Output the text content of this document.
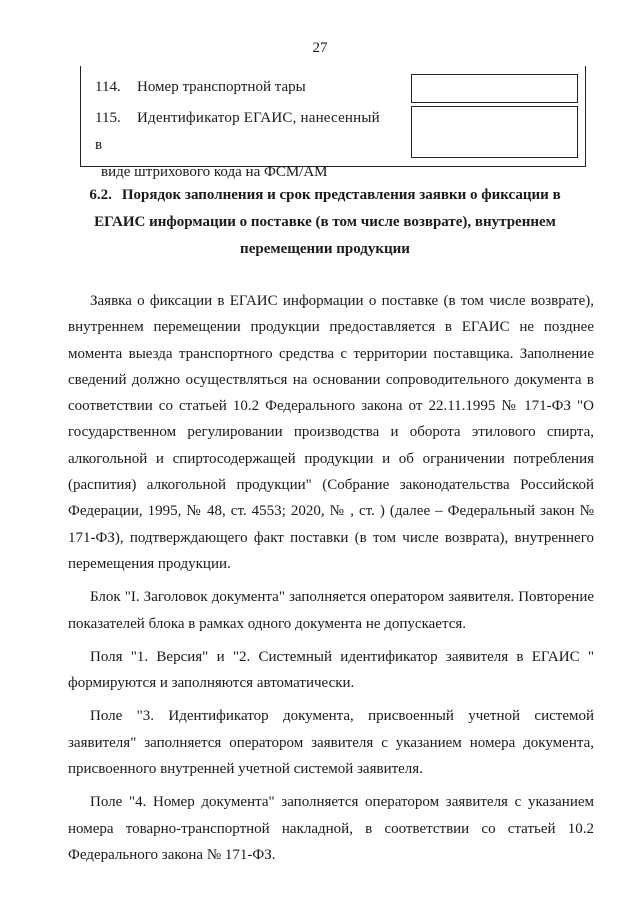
27
114. Номер транспортной тары
115. Идентификатор ЕГАИС, нанесенный в
виде штрихового кода на ФСМ/АМ
6.2. Порядок заполнения и срок представления заявки о фиксации в ЕГАИС информации о поставке (в том числе возврате), внутреннем перемещении продукции

Заявка о фиксации в ЕГАИС информации о поставке (в том числе возврате), внутреннем перемещении продукции предоставляется в ЕГАИС не позднее момента выезда транспортного средства с территории поставщика. Заполнение сведений должно осуществляться на основании сопроводительного документа в соответствии со статьей 10.2 Федерального закона от 22.11.1995 № 171-ФЗ "О государственном регулировании производства и оборота этилового спирта, алкогольной и спиртосодержащей продукции и об ограничении потребления (распития) алкогольной продукции" (Собрание законодательства Российской Федерации, 1995, № 48, ст. 4553; 2020, № , ст. ) (далее – Федеральный закон № 171-ФЗ), подтверждающего факт поставки (в том числе возврата), внутреннего перемещения продукции.

Блок "I. Заголовок документа" заполняется оператором заявителя. Повторение показателей блока в рамках одного документа не допускается.

Поля "1. Версия" и "2. Системный идентификатор заявителя в ЕГАИС " формируются и заполняются автоматически.

Поле "3. Идентификатор документа, присвоенный учетной системой заявителя" заполняется оператором заявителя с указанием номера документа, присвоенного внутренней учетной системой заявителя.

Поле "4. Номер документа" заполняется оператором заявителя с указанием номера товарно-транспортной накладной, в соответствии со статьей 10.2 Федерального закона № 171-ФЗ.
